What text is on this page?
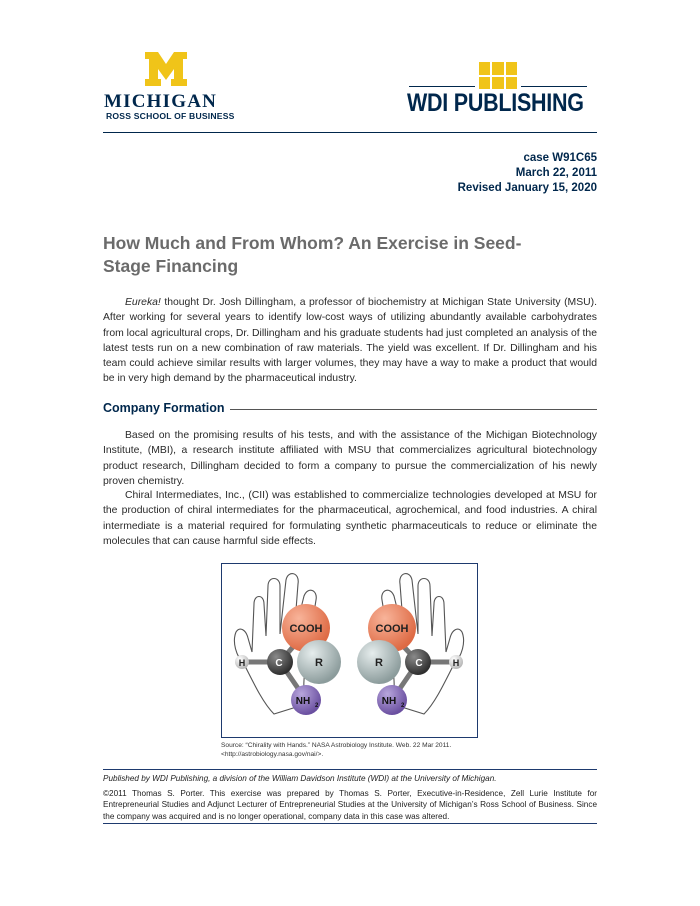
MICHIGAN
ROSS SCHOOL OF BUSINESS	WDI PUBLISHING
case W91C65
March 22, 2011
Revised January 15, 2020
How Much and From Whom? An Exercise in Seed-Stage Financing
Eureka! thought Dr. Josh Dillingham, a professor of biochemistry at Michigan State University (MSU). After working for several years to identify low-cost ways of utilizing abundantly available carbohydrates from local agricultural crops, Dr. Dillingham and his graduate students had just completed an analysis of the latest tests run on a new combination of raw materials. The yield was excellent. If Dr. Dillingham and his team could achieve similar results with larger volumes, they may have a way to make a product that would be in very high demand by the pharmaceutical industry.
Company Formation
Based on the promising results of his tests, and with the assistance of the Michigan Biotechnology Institute, (MBI), a research institute affiliated with MSU that commercializes agricultural biotechnology product research, Dillingham decided to form a company to pursue the commercialization of his newly proven chemistry.
Chiral Intermediates, Inc., (CII) was established to commercialize technologies developed at MSU for the production of chiral intermediates for the pharmaceutical, agrochemical, and food industries. A chiral intermediate is a material required for formulating synthetic pharmaceuticals to reduce or eliminate the molecules that can cause harmful side effects.
COOH
H	C	R
NH 2
COOH
H
C
R
NH 2
Source: “Chirality with Hands.” NASA Astrobiology Institute. Web. 22 Mar 2011.
<http://astrobiology.nasa.gov/nai/>.
Published by WDI Publishing, a division of the William Davidson Institute (WDI) at the University of Michigan.
©2011 Thomas S. Porter. This exercise was prepared by Thomas S. Porter, Executive-in-Residence, Zell Lurie Institute for Entrepreneurial Studies and Adjunct Lecturer of Entrepreneurial Studies at the University of Michigan’s Ross School of Business. Since the company was acquired and is no longer operational, company data in this case was altered.
